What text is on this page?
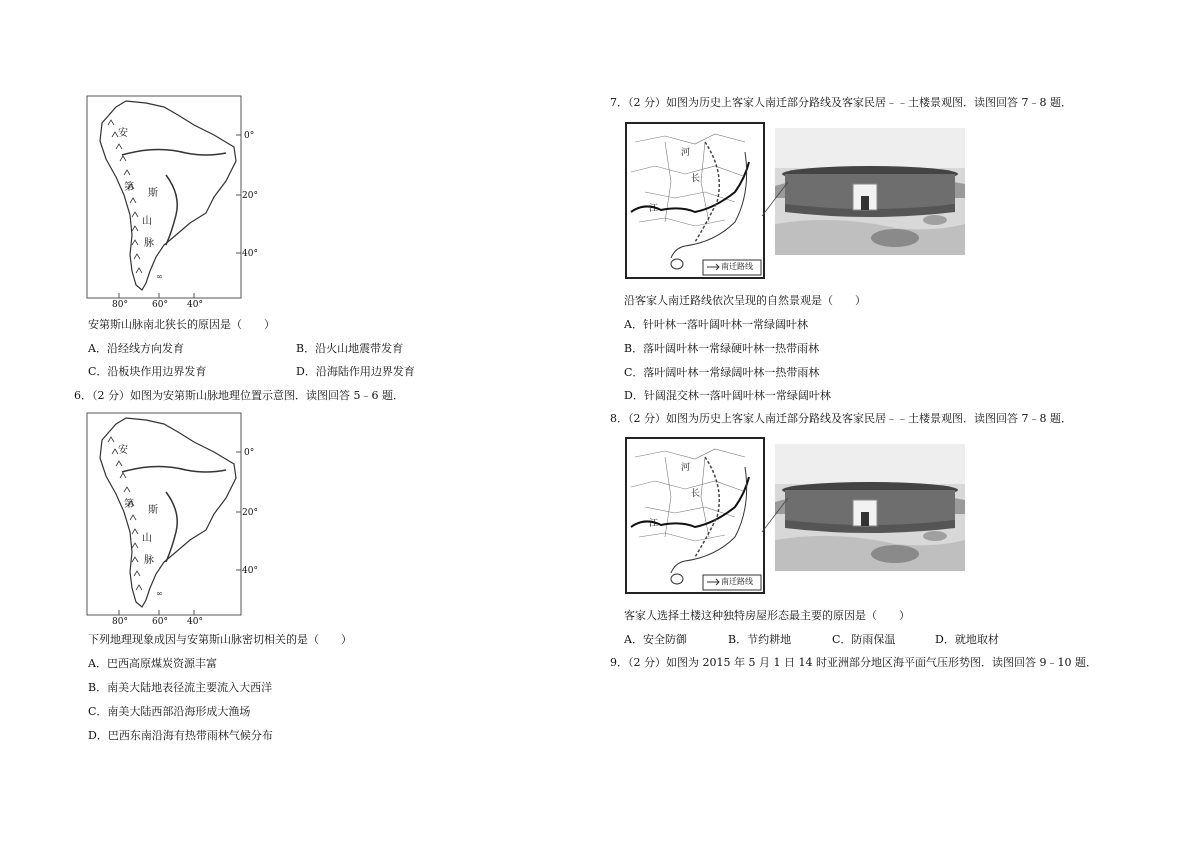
∞
安
第
斯
山
脉
0°
20°
40°
80°	60° 40°
安第斯山脉南北狭长的原因是（　　）
A．沿经线方向发育	B．沿火山地震带发育
C．沿板块作用边界发育	D．沿海陆作用边界发育
6．（2 分）如图为安第斯山脉地理位置示意图．读图回答 5﹣6 题．
∞
安
第
斯
山
脉
0°
20°
40°
80°	60° 40°
下列地理现象成因与安第斯山脉密切相关的是（　　）
A．巴西高原煤炭资源丰富
B．南美大陆地表径流主要流入大西洋
C．南美大陆西部沿海形成大渔场
D．巴西东南沿海有热带雨林气候分布
7．（2 分）如图为历史上客家人南迁部分路线及客家民居﹣﹣土楼景观图．读图回答 7﹣8 题．
河
长
江
南迁路线
沿客家人南迁路线依次呈现的自然景观是（　　）
A．针叶林一落叶阔叶林一常绿阔叶林
B．落叶阔叶林一常绿硬叶林一热带雨林
C．落叶阔叶林一常绿阔叶林一热带雨林
D．针阔混交林一落叶阔叶林一常绿阔叶林
8．（2 分）如图为历史上客家人南迁部分路线及客家民居﹣﹣土楼景观图．读图回答 7﹣8 题．
河
长
江
南迁路线
客家人选择土楼这种独特房屋形态最主要的原因是（　　）
A．安全防御	B．节约耕地	C．防雨保温	D．就地取材
9．（2 分）如图为 2015 年 5 月 1 日 14 时亚洲部分地区海平面气压形势图．读图回答 9﹣10 题．
